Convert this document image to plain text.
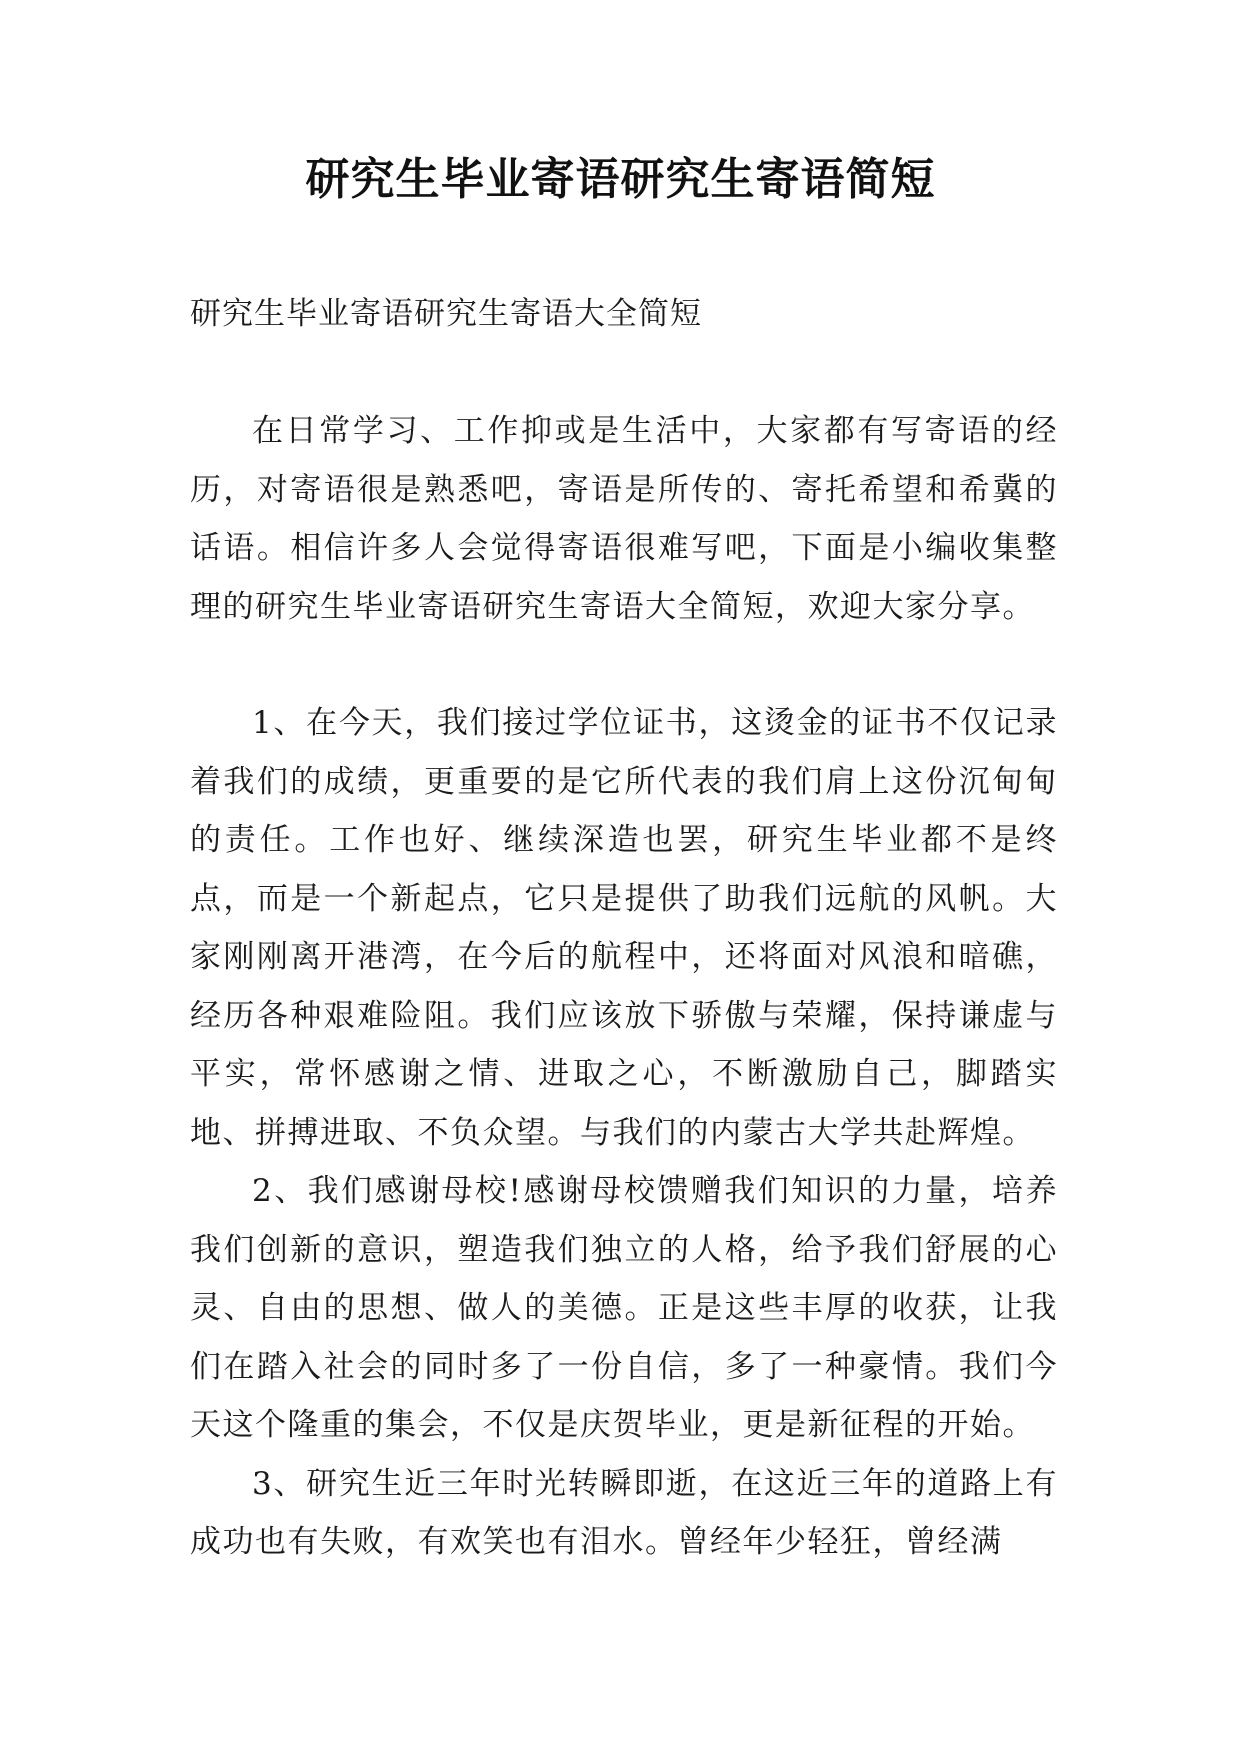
研究生毕业寄语研究生寄语简短
研究生毕业寄语研究生寄语大全简短

在日常学习、工作抑或是生活中，大家都有写寄语的经历，对寄语很是熟悉吧，寄语是所传的、寄托希望和希冀的话语。相信许多人会觉得寄语很难写吧，下面是小编收集整理的研究生毕业寄语研究生寄语大全简短，欢迎大家分享。

1、在今天，我们接过学位证书，这烫金的证书不仅记录着我们的成绩，更重要的是它所代表的我们肩上这份沉甸甸的责任。工作也好、继续深造也罢，研究生毕业都不是终点，而是一个新起点，它只是提供了助我们远航的风帆。大家刚刚离开港湾，在今后的航程中，还将面对风浪和暗礁，经历各种艰难险阻。我们应该放下骄傲与荣耀，保持谦虚与平实，常怀感谢之情、进取之心，不断激励自己，脚踏实地、拼搏进取、不负众望。与我们的内蒙古大学共赴辉煌。

2、我们感谢母校!感谢母校馈赠我们知识的力量，培养我们创新的意识，塑造我们独立的人格，给予我们舒展的心灵、自由的思想、做人的美德。正是这些丰厚的收获，让我们在踏入社会的同时多了一份自信，多了一种豪情。我们今天这个隆重的集会，不仅是庆贺毕业，更是新征程的开始。

3、研究生近三年时光转瞬即逝，在这近三年的道路上有成功也有失败，有欢笑也有泪水。曾经年少轻狂，曾经满
